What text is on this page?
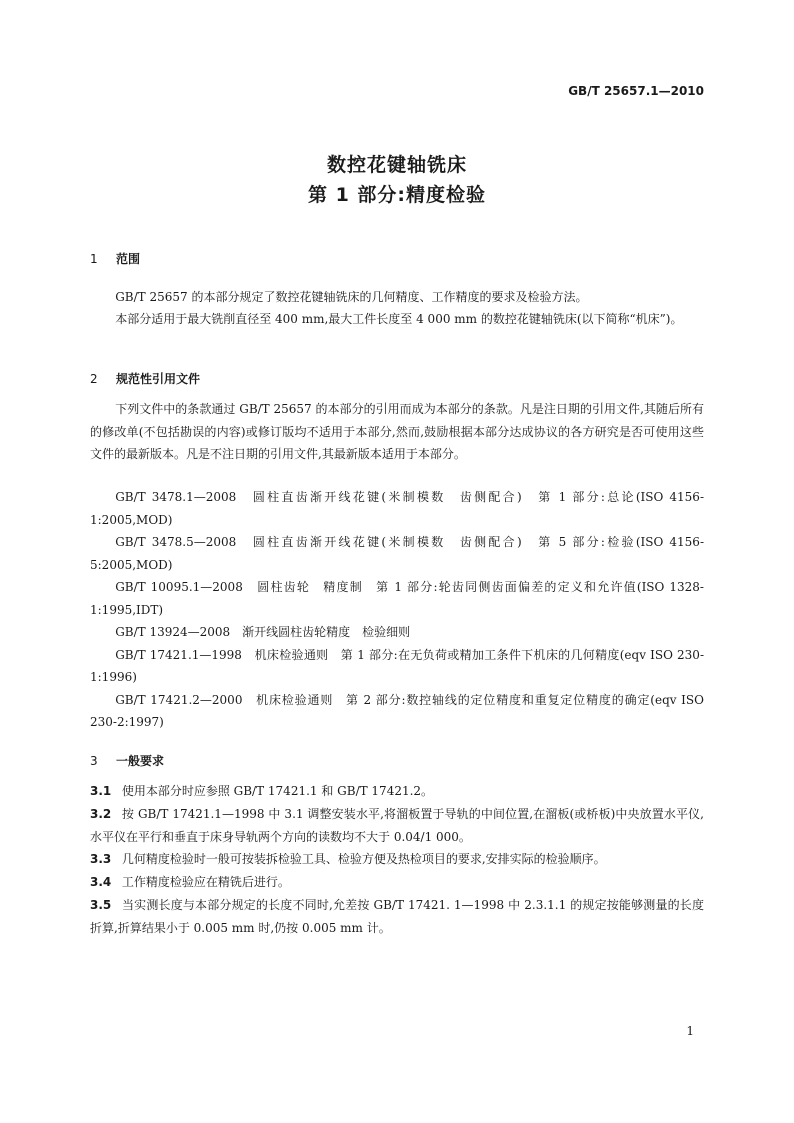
GB/T 25657.1—2010
数控花键轴铣床
第 1 部分:精度检验
1 范围

GB/T 25657 的本部分规定了数控花键轴铣床的几何精度、工作精度的要求及检验方法。

本部分适用于最大铣削直径至 400 mm,最大工件长度至 4 000 mm 的数控花键轴铣床(以下简称“机床”)。

2 规范性引用文件

下列文件中的条款通过 GB/T 25657 的本部分的引用而成为本部分的条款。凡是注日期的引用文件,其随后所有的修改单(不包括勘误的内容)或修订版均不适用于本部分,然而,鼓励根据本部分达成协议的各方研究是否可使用这些文件的最新版本。凡是不注日期的引用文件,其最新版本适用于本部分。

GB/T 3478.1—2008　圆柱直齿渐开线花键(米制模数　齿侧配合)　第 1 部分:总论(ISO 4156-1:2005,MOD)
GB/T 3478.5—2008　圆柱直齿渐开线花键(米制模数　齿侧配合)　第 5 部分:检验(ISO 4156-5:2005,MOD)
GB/T 10095.1—2008　圆柱齿轮　精度制　第 1 部分:轮齿同侧齿面偏差的定义和允许值(ISO 1328-1:1995,IDT)
GB/T 13924—2008　渐开线圆柱齿轮精度　检验细则
GB/T 17421.1—1998　机床检验通则　第 1 部分:在无负荷或精加工条件下机床的几何精度(eqv ISO 230-1:1996)
GB/T 17421.2—2000　机床检验通则　第 2 部分:数控轴线的定位精度和重复定位精度的确定(eqv ISO 230-2:1997)
3 一般要求

3.1 使用本部分时应参照 GB/T 17421.1 和 GB/T 17421.2。

3.2 按 GB/T 17421.1—1998 中 3.1 调整安装水平,将溜板置于导轨的中间位置,在溜板(或桥板)中央放置水平仪,水平仪在平行和垂直于床身导轨两个方向的读数均不大于 0.04/1 000。

3.3 几何精度检验时一般可按装拆检验工具、检验方便及热检项目的要求,安排实际的检验顺序。

3.4 工作精度检验应在精铣后进行。

3.5 当实测长度与本部分规定的长度不同时,允差按 GB/T 17421. 1—1998 中 2.3.1.1 的规定按能够测量的长度折算,折算结果小于 0.005 mm 时,仍按 0.005 mm 计。

1
